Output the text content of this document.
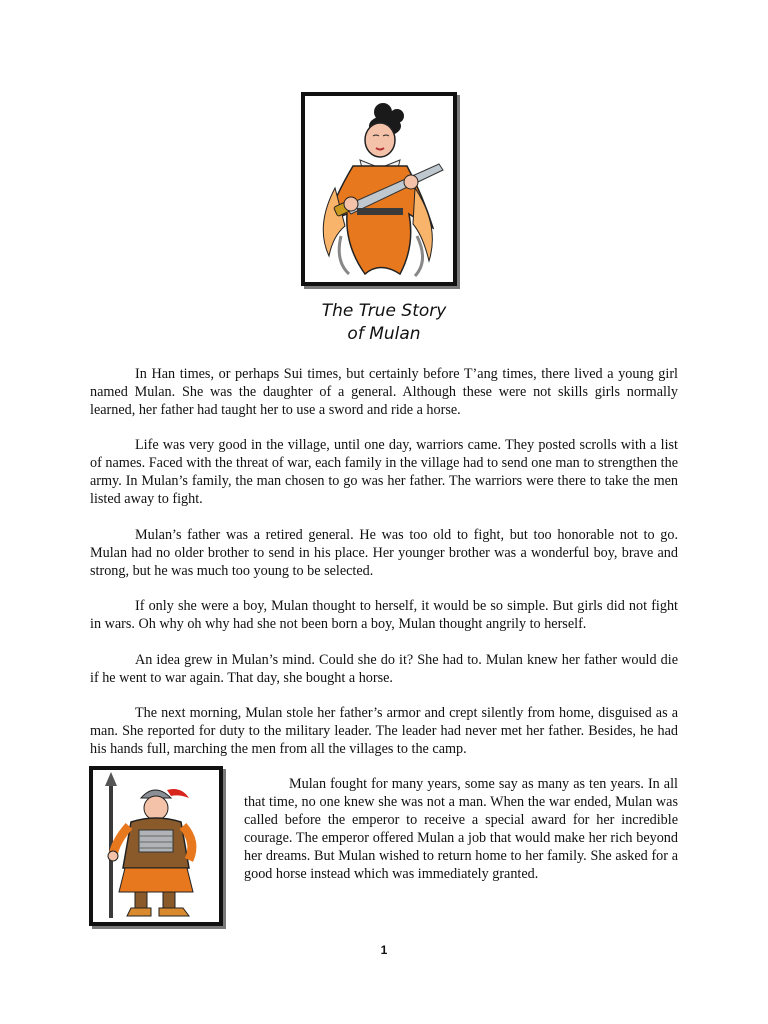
The True Story
of Mulan

In Han times, or perhaps Sui times, but certainly before T’ang times, there lived a young girl named Mulan. She was the daughter of a general. Although these were not skills girls normally learned, her father had taught her to use a sword and ride a horse.

Life was very good in the village, until one day, warriors came. They posted scrolls with a list of names. Faced with the threat of war, each family in the village had to send one man to strengthen the army. In Mulan’s family, the man chosen to go was her father. The warriors were there to take the men listed away to fight.

Mulan’s father was a retired general. He was too old to fight, but too honorable not to go. Mulan had no older brother to send in his place. Her younger brother was a wonderful boy, brave and strong, but he was much too young to be selected.

If only she were a boy, Mulan thought to herself, it would be so simple. But girls did not fight in wars. Oh why oh why had she not been born a boy, Mulan thought angrily to herself.

An idea grew in Mulan’s mind. Could she do it? She had to. Mulan knew her father would die if he went to war again. That day, she bought a horse.

The next morning, Mulan stole her father’s armor and crept silently from home, disguised as a man. She reported for duty to the military leader. The leader had never met her father. Besides, he had his hands full, marching the men from all the villages to the camp.

Mulan fought for many years, some say as many as ten years. In all that time, no one knew she was not a man. When the war ended, Mulan was called before the emperor to receive a special award for her incredible courage. The emperor offered Mulan a job that would make her rich beyond her dreams. But Mulan wished to return home to her family. She asked for a good horse instead which was immediately granted.

1
